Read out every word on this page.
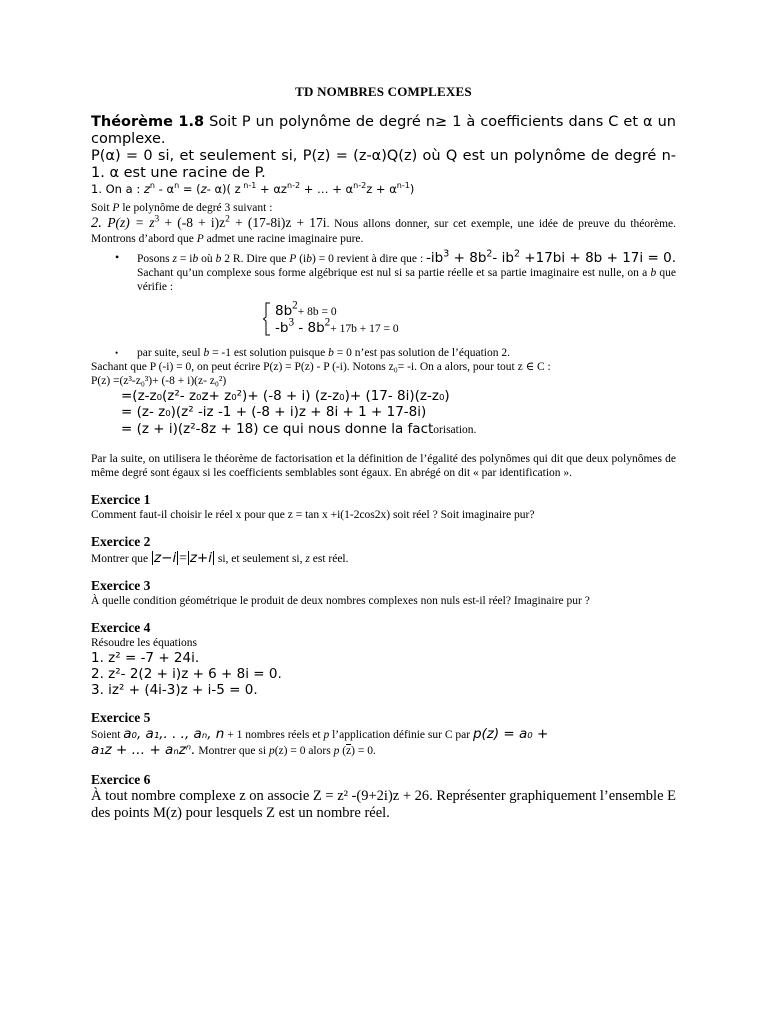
TD NOMBRES COMPLEXES

Théorème 1.8 Soit P un polynôme de degré n≥ 1 à coefficients dans C et α un complexe.

P(α) = 0 si, et seulement si, P(z) = (z-α)Q(z) où Q est un polynôme de degré n-1. α est une racine de P.

1. On a : $z^n - \alpha^n = (z-$ α)( z $^{n-1} + \alpha z^{n-2}$ + … + $\alpha^{n-2}z + \alpha^{n-1}$)

Soit P le polynôme de degré 3 suivant :

2. $P(z) = z^3 + (-8 + i)z^2 + (17-8i)z + 17i$. Nous allons donner, sur cet exemple, une idée de preuve du théorème. Montrons d’abord que P admet une racine imaginaire pure.

• Posons z = ib où b 2 R. Dire que P (ib) = 0 revient à dire que : $-ib^3 + 8b^2-$ $ib^2 +17bi + 8b + 17i = 0$. Sachant qu’un complexe sous forme algébrique est nul si sa partie réelle et sa partie imaginaire est nulle, on a b que vérifie :
$8b^2+ 8b = 0$
$-b^3 - 8b^2+ 17b + 17 = 0$
• par suite, seul b = -1 est solution puisque b = 0 n’est pas solution de l’équation 2.

Sachant que P (-i) = 0, on peut écrire P(z) = P(z) - P (-i). Notons z₀= -i. On a alors, pour tout z ∈ C :

P(z) =(z³-z₀³)+ (-8 + i)(z- z₀²)

=(z-z₀(z²- z₀z+ z₀²)+ (-8 + i) (z-z₀)+ (17- 8i)(z-z₀)

= (z- z₀)(z² -iz -1 + (-8 + i)z + 8i + 1 + 17-8i)

= (z + i)(z²-8z + 18) ce qui nous donne la factorisation.

Par la suite, on utilisera le théorème de factorisation et la définition de l’égalité des polynômes qui dit que deux polynômes de même degré sont égaux si les coefficients semblables sont égaux. En abrégé on dit « par identification ».

Exercice 1

Comment faut-il choisir le réel x pour que z = tan x +i(1-2cos2x) soit réel ? Soit imaginaire pur?

Exercice 2

Montrer que z−i = z+i si, et seulement si, z est réel.

Exercice 3

À quelle condition géométrique le produit de deux nombres complexes non nuls est-il réel? Imaginaire pur ?

Exercice 4

Résoudre les équations

1. z² = -7 + 24i.

2. z²- 2(2 + i)z + 6 + 8i = 0.

3. iz² + (4i-3)z + i-5 = 0.

Exercice 5

Soient a₀, a₁,. . ., aₙ, n + 1 nombres réels et p l’application définie sur C par p(z) = a₀ +

a₁z + … + aₙzⁿ. Montrer que si p(z) = 0 alors p $(\overline{z}) = 0$.

Exercice 6

À tout nombre complexe z on associe Z = z² -(9+2i)z + 26. Représenter graphiquement l’ensemble E des points M(z) pour lesquels Z est un nombre réel.
